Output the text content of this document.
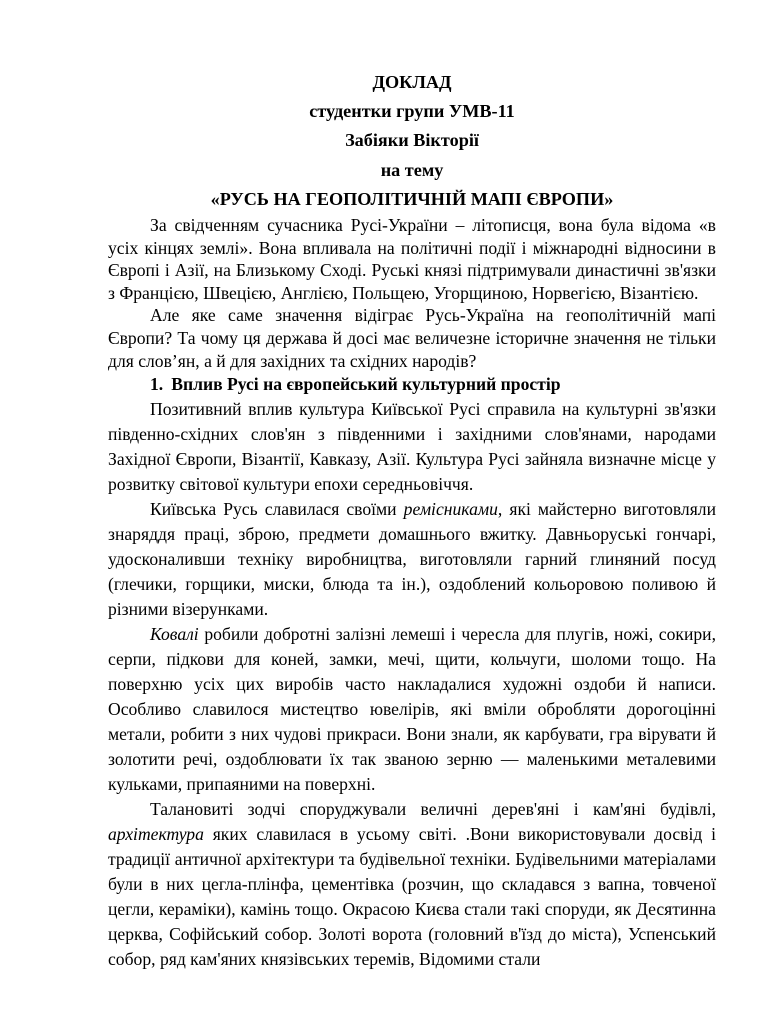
ДОКЛАД
студентки групи УМВ-11
Забіяки Вікторії
на тему
«РУСЬ НА ГЕОПОЛІТИЧНІЙ МАПІ ЄВРОПИ»

За свідченням сучасника Русі-України – літописця, вона була відома «в усіх кінцях землі». Вона впливала на політичні події і міжнародні відносини в Європі і Азії, на Близькому Сході. Руські князі підтримували династичні зв'язки з Францією, Швецією, Англією, Польщею, Угорщиною, Норвегією, Візантією.

Але яке саме значення відіграє Русь-Україна на геополітичній мапі Європи? Та чому ця держава й досі має величезне історичне значення не тільки для слов’ян, а й для західних та східних народів?

1. Вплив Русі на європейський культурний простір

Позитивний вплив культура Київської Русі справила на культурні зв'язки південно-східних слов'ян з південними і західними слов'янами, народами Західної Європи, Візантії, Кавказу, Азії. Культура Русі зайняла визначне місце у розвитку світової культури епохи середньовіччя.

Київська Русь славилася своїми ремісниками, які майстерно виготовляли знаряддя праці, зброю, предмети домашнього вжитку. Давньоруські гончарі, удосконаливши техніку виробництва, виготовляли гарний глиняний посуд (глечики, горщики, миски, блюда та ін.), оздоблений кольоровою поливою й різними візерунками.

Ковалі робили добротні залізні лемеші і чересла для плугів, ножі, сокири, серпи, підкови для коней, замки, мечі, щити, кольчуги, шоломи тощо. На поверхню усіх цих виробів часто накладалися художні оздоби й написи. Особливо славилося мистецтво ювелірів, які вміли обробляти дорогоцінні метали, робити з них чудові прикраси. Вони знали, як карбувати, гра вірувати й золотити речі, оздоблювати їх так званою зерню — маленькими металевими кульками, припаяними на поверхні.

Талановиті зодчі споруджували величні дерев'яні і кам'яні будівлі, архітектура яких славилася в усьому світі. .Вони використовували досвід і традиції античної архітектури та будівельної техніки. Будівельними матеріалами були в них цегла-плінфа, цементівка (розчин, що складався з вапна, товченої цегли, кераміки), камінь тощо. Окрасою Києва стали такі споруди, як Десятинна церква, Софійський собор. Золоті ворота (головний в'їзд до міста), Успенський собор, ряд кам'яних князівських теремів, Відомими стали
